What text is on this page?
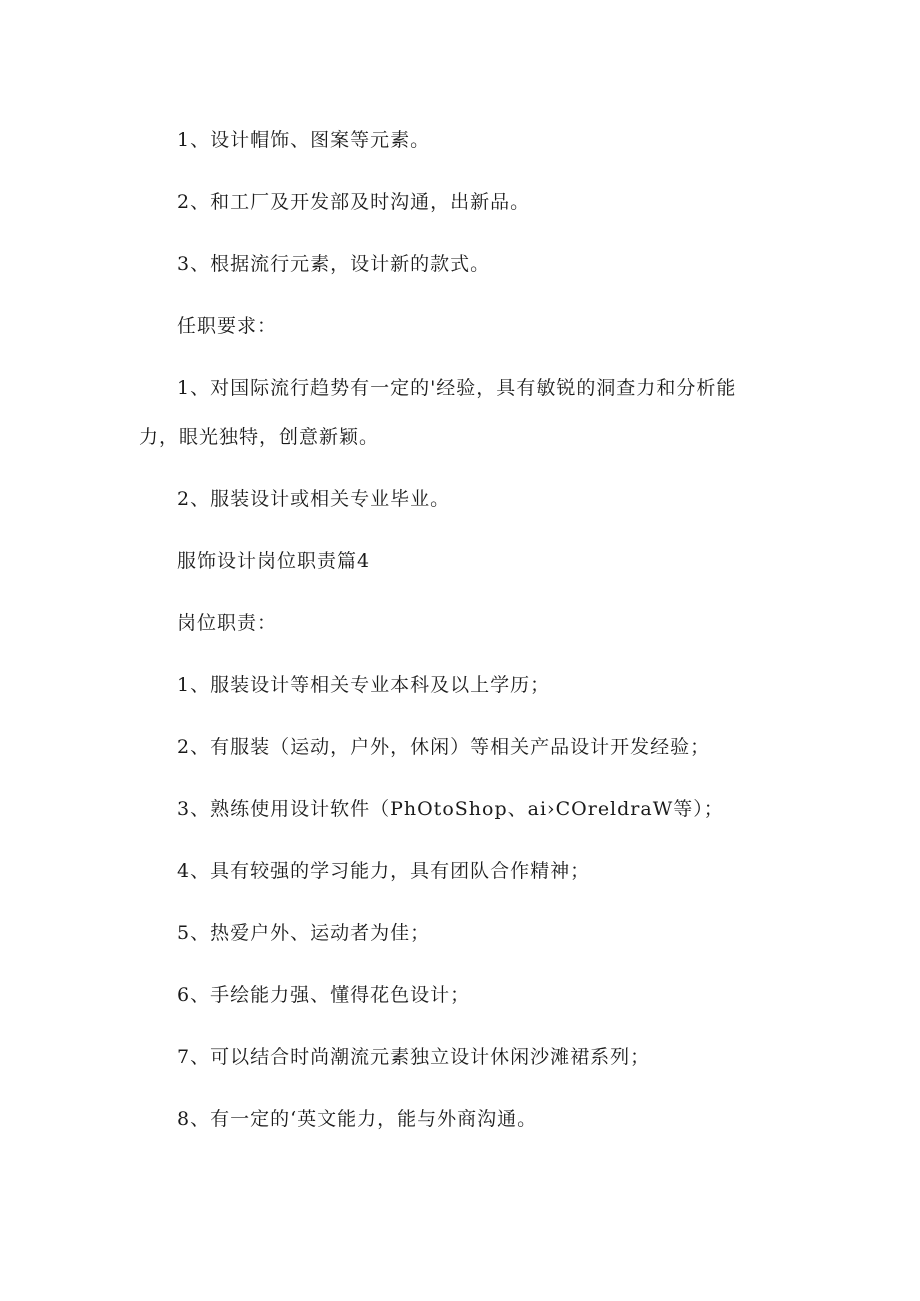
1、设计帽饰、图案等元素。
2、和工厂及开发部及时沟通，出新品。
3、根据流行元素，设计新的款式。
任职要求：
1、对国际流行趋势有一定的'经验，具有敏锐的洞查力和分析能
力，眼光独特，创意新颖。
2、服装设计或相关专业毕业。
服饰设计岗位职责篇4
岗位职责：
1、服装设计等相关专业本科及以上学历；
2、有服装（运动，户外，休闲）等相关产品设计开发经验；
3、熟练使用设计软件（PhOtoShop、ai›COreldraW等）；
4、具有较强的学习能力，具有团队合作精神；
5、热爱户外、运动者为佳；
6、手绘能力强、懂得花色设计；
7、可以结合时尚潮流元素独立设计休闲沙滩裙系列；
8、有一定的‘英文能力，能与外商沟通。
